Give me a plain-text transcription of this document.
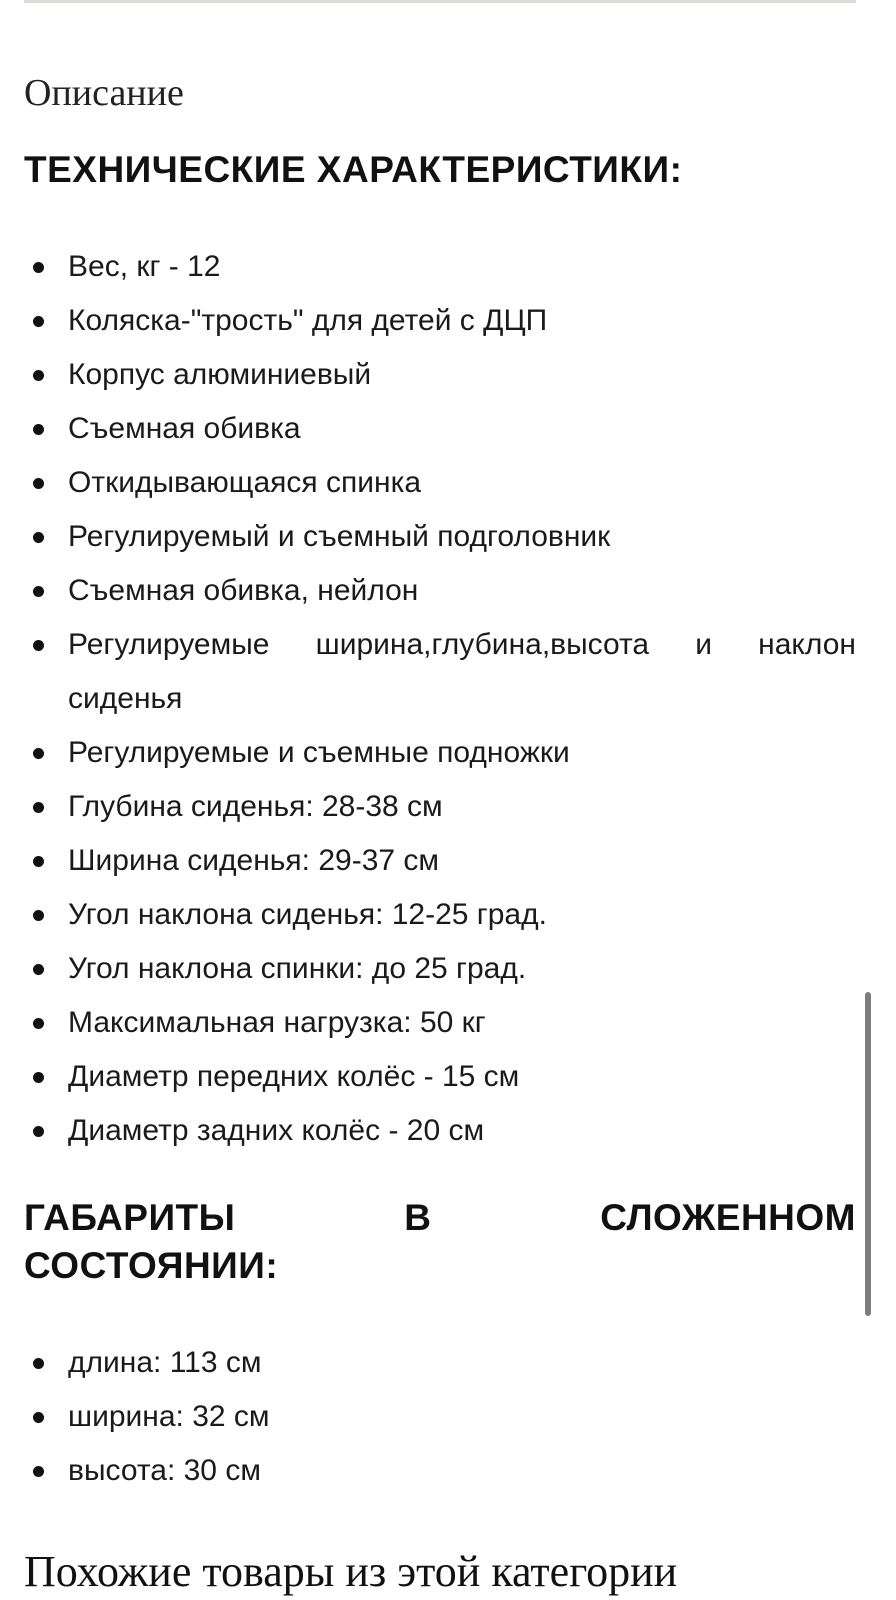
Описание
ТЕХНИЧЕСКИЕ ХАРАКТЕРИСТИКИ:
Вес, кг - 12
Коляска-"трость" для детей с ДЦП
Корпус алюминиевый
Съемная обивка
Откидывающаяся спинка
Регулируемый и съемный подголовник
Съемная обивка, нейлон
Регулируемые ширина,глубина,высота и наклон сиденья
Регулируемые и съемные подножки
Глубина сиденья: 28-38 см
Ширина сиденья: 29-37 см
Угол наклона сиденья: 12-25 град.
Угол наклона спинки: до 25 град.
Максимальная нагрузка: 50 кг
Диаметр передних колёс - 15 см
Диаметр задних колёс - 20 см
ГАБАРИТЫ	В	СЛОЖЕННОМ
СОСТОЯНИИ:
длина: 113 см
ширина: 32 см
высота: 30 см
Похожие товары из этой категории
